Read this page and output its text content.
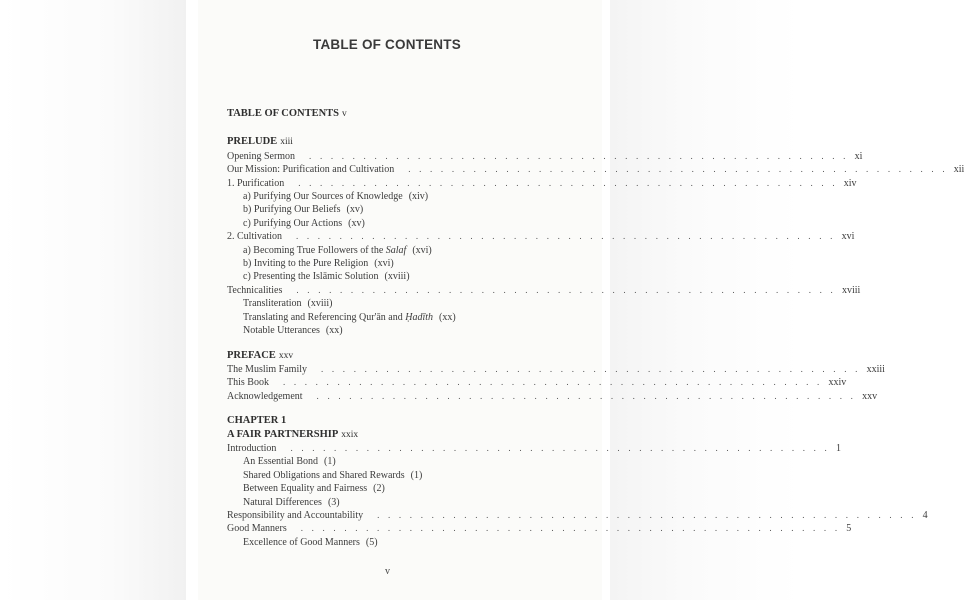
TABLE OF CONTENTS
TABLE OF CONTENTS v
PRELUDE xiii
Opening Sermon . . . . . . . . . . . . . . . . . . . . . . . . . . . . . . . . . . . . . . . . . . . . . . . . . . xi
Our Mission: Purification and Cultivation . . . . . . . . . . . . . . . . . . . . . . . . . . . . . . . . . . . . . . . . . . . . . . . . . . xii
1. Purification . . . . . . . . . . . . . . . . . . . . . . . . . . . . . . . . . . . . . . . . . . . . . . . . . . xiv
a) Purifying Our Sources of Knowledge (xiv)
b) Purifying Our Beliefs (xv)
c) Purifying Our Actions (xv)
2. Cultivation . . . . . . . . . . . . . . . . . . . . . . . . . . . . . . . . . . . . . . . . . . . . . . . . . . xvi
a) Becoming True Followers of the Salaf (xvi)
b) Inviting to the Pure Religion (xvi)
c) Presenting the Islāmic Solution (xviii)
Technicalities . . . . . . . . . . . . . . . . . . . . . . . . . . . . . . . . . . . . . . . . . . . . . . . . . . xviii
Transliteration (xviii)
Translating and Referencing Qur'ān and Ḥadīth (xx)
Notable Utterances (xx)
PREFACE xxv
The Muslim Family . . . . . . . . . . . . . . . . . . . . . . . . . . . . . . . . . . . . . . . . . . . . . . . . . . xxiii
This Book . . . . . . . . . . . . . . . . . . . . . . . . . . . . . . . . . . . . . . . . . . . . . . . . . . xxiv
Acknowledgement . . . . . . . . . . . . . . . . . . . . . . . . . . . . . . . . . . . . . . . . . . . . . . . . . . xxv
CHAPTER 1
A FAIR PARTNERSHIP xxix
Introduction . . . . . . . . . . . . . . . . . . . . . . . . . . . . . . . . . . . . . . . . . . . . . . . . . . 1
An Essential Bond (1)
Shared Obligations and Shared Rewards (1)
Between Equality and Fairness (2)
Natural Differences (3)
Responsibility and Accountability . . . . . . . . . . . . . . . . . . . . . . . . . . . . . . . . . . . . . . . . . . . . . . . . . . 4
Good Manners . . . . . . . . . . . . . . . . . . . . . . . . . . . . . . . . . . . . . . . . . . . . . . . . . . 5
Excellence of Good Manners (5)
v
